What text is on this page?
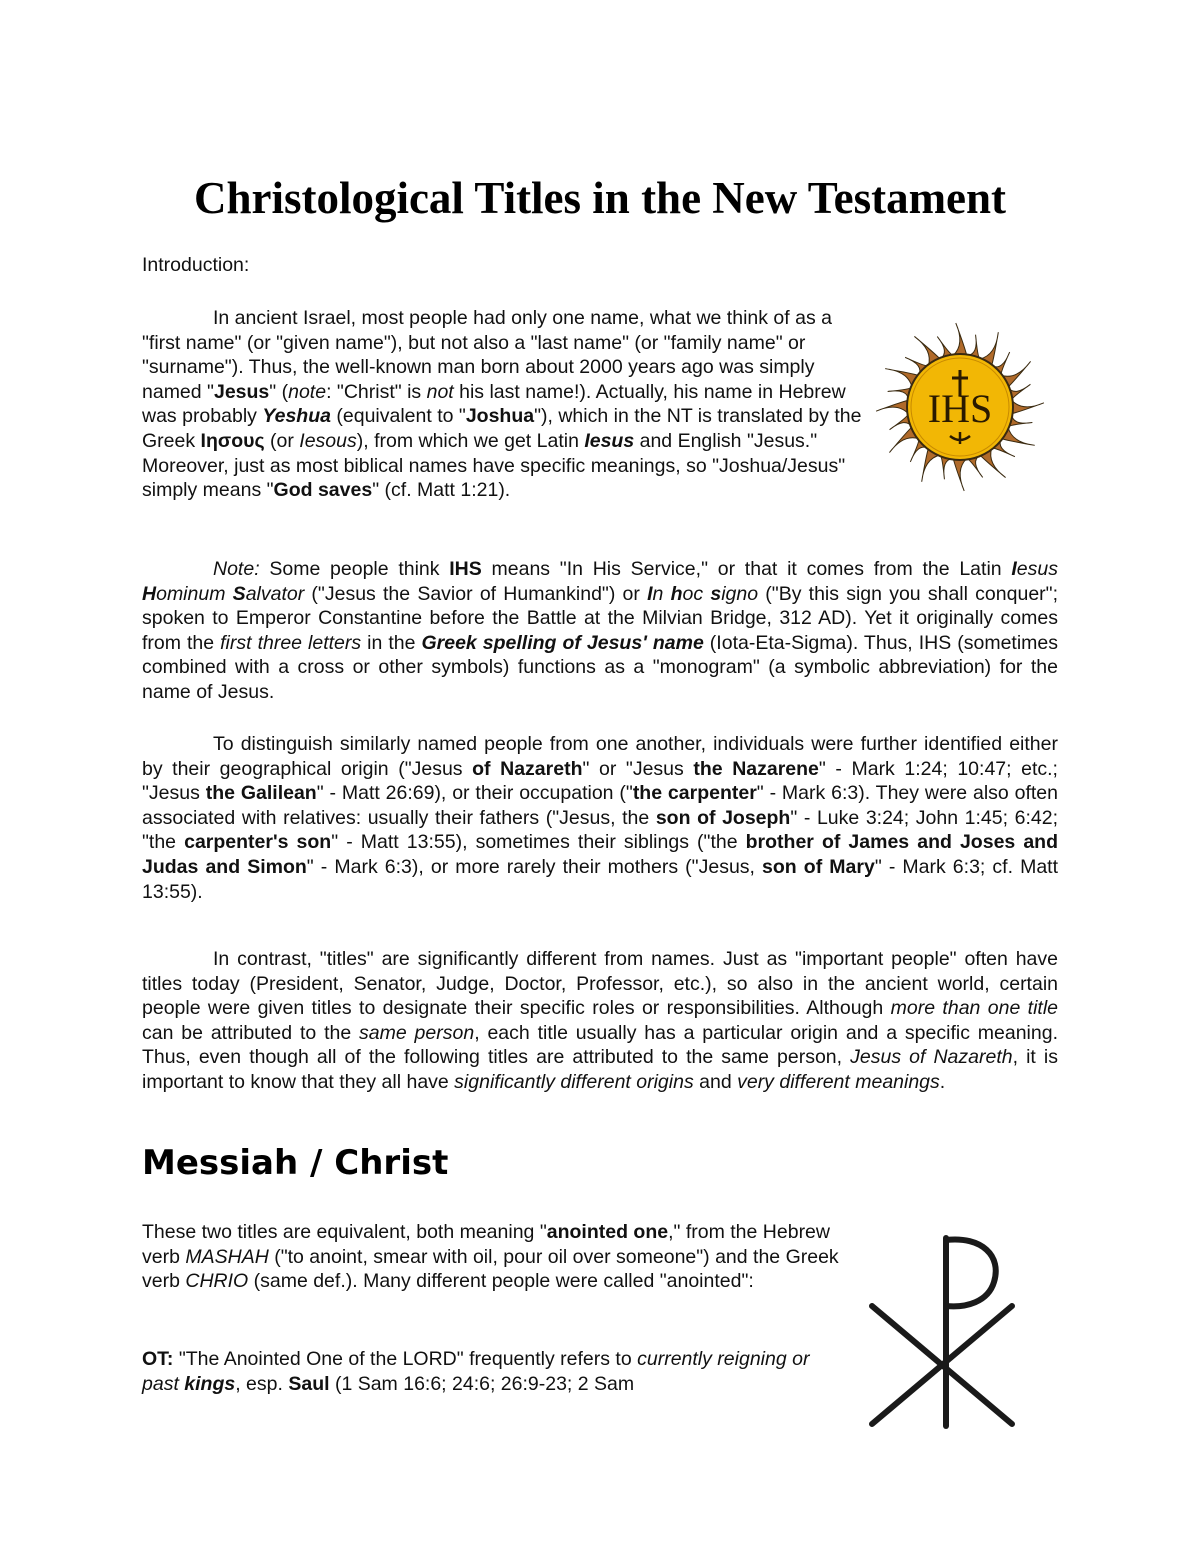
Christological Titles in the New Testament

Introduction:

In ancient Israel, most people had only one name, what we think of as a "first name" (or "given name"), but not also a "last name" (or "family name" or "surname"). Thus, the well-known man born about 2000 years ago was simply named "Jesus" (note: "Christ" is not his last name!). Actually, his name in Hebrew was probably Yeshua (equivalent to "Joshua"), which in the NT is translated by the Greek Ιησους (or Iesous), from which we get Latin Iesus and English "Jesus." Moreover, just as most biblical names have specific meanings, so "Joshua/Jesus" simply means "God saves" (cf. Matt 1:21).

IHS

Note: Some people think IHS means "In His Service," or that it comes from the Latin Iesus Hominum Salvator ("Jesus the Savior of Humankind") or In hoc signo ("By this sign you shall conquer"; spoken to Emperor Constantine before the Battle at the Milvian Bridge, 312 AD). Yet it originally comes from the first three letters in the Greek spelling of Jesus' name (Iota-Eta-Sigma). Thus, IHS (sometimes combined with a cross or other symbols) functions as a "monogram" (a symbolic abbreviation) for the name of Jesus.

To distinguish similarly named people from one another, individuals were further identified either by their geographical origin ("Jesus of Nazareth" or "Jesus the Nazarene" - Mark 1:24; 10:47; etc.; "Jesus the Galilean" - Matt 26:69), or their occupation ("the carpenter" - Mark 6:3). They were also often associated with relatives: usually their fathers ("Jesus, the son of Joseph" - Luke 3:24; John 1:45; 6:42; "the carpenter's son" - Matt 13:55), sometimes their siblings ("the brother of James and Joses and Judas and Simon" - Mark 6:3), or more rarely their mothers ("Jesus, son of Mary" - Mark 6:3; cf. Matt 13:55).

In contrast, "titles" are significantly different from names. Just as "important people" often have titles today (President, Senator, Judge, Doctor, Professor, etc.), so also in the ancient world, certain people were given titles to designate their specific roles or responsibilities. Although more than one title can be attributed to the same person, each title usually has a particular origin and a specific meaning. Thus, even though all of the following titles are attributed to the same person, Jesus of Nazareth, it is important to know that they all have significantly different origins and very different meanings.

Messiah / Christ

These two titles are equivalent, both meaning "anointed one," from the Hebrew verb MASHAH ("to anoint, smear with oil, pour oil over someone") and the Greek verb CHRIO (same def.). Many different people were called "anointed":

OT: "The Anointed One of the LORD" frequently refers to currently reigning or past kings, esp. Saul (1 Sam 16:6; 24:6; 26:9-23; 2 Sam
